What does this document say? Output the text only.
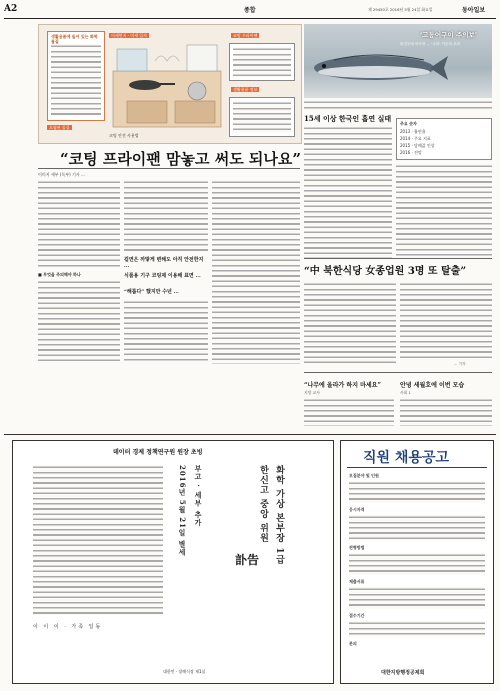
A2	종합	제 29450호 2016년 5월 24일 화요일	동아일보
생활용품에 들어 있는 화학물질
미세먼지 · 미세 입자	코팅 프라이팬
생활용품 정보
코팅 안전 사용법
오염된 물질
‘고등어구이 주의보’
환경부에 따르면 ... ‘주의’ 기준치 초과
15세 이상 한국인 흡연 실태
주요 숫자
2013 · 흡연율
2014 · 주요 지표
2015 · 담배값 인상
2016 · 전망
“코팅 프라이팬 맘놓고 써도 되나요”
이미지 세부 (독부) 기자 ...
■ 무엇을 주의해야 하나
겉면은 까맣게 변해도 아직 안전한지 ...
식품용 기구 코팅제 이용해 표면 ...
“해롭다” 했지만 수년 ...
“中 북한식당 女종업원 3명 또 탈출”
... 기자
“나무에 올라가 하지 마세요”
지방 교사
안녕 세월호에 이번 모습
사회 1
데이터 경제 정책연구원 원장 초빙
訃告 화학 가상 본부장 1급
한신고 중앙 위원
부고 · 세부 추가
2016년 5월 21일 별세
이 이 이 · 가족 일동
대한인 · 장례식장 제1실
직원 채용공고
모집분야 및 인원
응시자격
전형방법
제출서류
접수기간
문의
대한지방행정공제회
